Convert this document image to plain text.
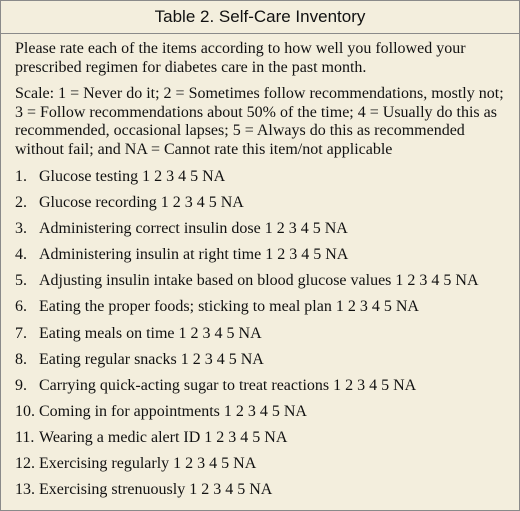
Table 2. Self-Care Inventory

Please rate each of the items according to how well you followed your prescribed regimen for diabetes care in the past month.

Scale: 1 = Never do it; 2 = Sometimes follow recommendations, mostly not; 3 = Follow recommendations about 50% of the time; 4 = Usually do this as recommended, occasional lapses; 5 = Always do this as recommended without fail; and NA = Cannot rate this item/not applicable

1. Glucose testing 1 2 3 4 5 NA
2. Glucose recording 1 2 3 4 5 NA
3. Administering correct insulin dose 1 2 3 4 5 NA
4. Administering insulin at right time 1 2 3 4 5 NA
5. Adjusting insulin intake based on blood glucose values 1 2 3 4 5 NA
6. Eating the proper foods; sticking to meal plan 1 2 3 4 5 NA
7. Eating meals on time 1 2 3 4 5 NA
8. Eating regular snacks 1 2 3 4 5 NA
9. Carrying quick-acting sugar to treat reactions 1 2 3 4 5 NA
10. Coming in for appointments 1 2 3 4 5 NA
11. Wearing a medic alert ID 1 2 3 4 5 NA
12. Exercising regularly 1 2 3 4 5 NA
13. Exercising strenuously 1 2 3 4 5 NA
